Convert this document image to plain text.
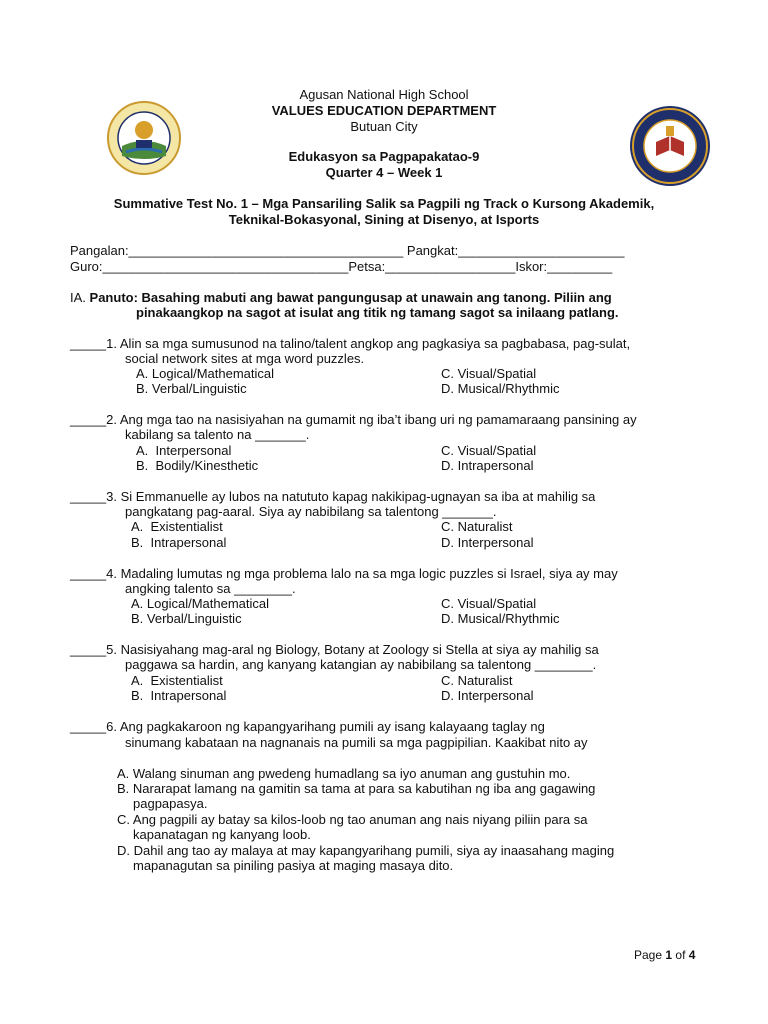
Agusan National High School
VALUES EDUCATION DEPARTMENT
Butuan City
Edukasyon sa Pagpapakatao-9
Quarter 4 – Week 1
Summative Test No. 1 – Mga Pansariling Salik sa Pagpili ng Track o Kursong Akademik,
Teknikal-Bokasyonal, Sining at Disenyo, at Isports
Pangalan:______________________________________ Pangkat:_______________________
Guro:__________________________________Petsa:__________________Iskor:_________
IA. Panuto: Basahing mabuti ang bawat pangungusap at unawain ang tanong. Piliin ang
pinakaangkop na sagot at isulat ang titik ng tamang sagot sa inilaang patlang.
_____1. Alin sa mga sumusunod na talino/talent angkop ang pagkasiya sa pagbabasa, pag-sulat,
social network sites at mga word puzzles.
A. Logical/Mathematical
B. Verbal/Linguistic
C. Visual/Spatial
D. Musical/Rhythmic
_____2. Ang mga tao na nasisiyahan na gumamit ng iba’t ibang uri ng pamamaraang pansining ay
kabilang sa talento na _______.
A.  Interpersonal
B.  Bodily/Kinesthetic
C. Visual/Spatial
D. Intrapersonal
_____3. Si Emmanuelle ay lubos na natututo kapag nakikipag-ugnayan sa iba at mahilig sa
pangkatang pag-aaral. Siya ay nabibilang sa talentong _______.
A.  Existentialist
B.  Intrapersonal
C. Naturalist
D. Interpersonal
_____4. Madaling lumutas ng mga problema lalo na sa mga logic puzzles si Israel, siya ay may
angking talento sa ________.
A. Logical/Mathematical
B. Verbal/Linguistic
C. Visual/Spatial
D. Musical/Rhythmic
_____5. Nasisiyahang mag-aral ng Biology, Botany at Zoology si Stella at siya ay mahilig sa
paggawa sa hardin, ang kanyang katangian ay nabibilang sa talentong ________.
A.  Existentialist
B.  Intrapersonal
C. Naturalist
D. Interpersonal
_____6. Ang pagkakaroon ng kapangyarihang pumili ay isang kalayaang taglay ng
sinumang kabataan na nagnanais na pumili sa mga pagpipilian. Kaakibat nito ay
A. Walang sinuman ang pwedeng humadlang sa iyo anuman ang gustuhin mo.
B. Nararapat lamang na gamitin sa tama at para sa kabutihan ng iba ang gagawing
pagpapasya.
C. Ang pagpili ay batay sa kilos-loob ng tao anuman ang nais niyang piliin para sa
kapanatagan ng kanyang loob.
D. Dahil ang tao ay malaya at may kapangyarihang pumili, siya ay inaasahang maging
mapanagutan sa piniling pasiya at maging masaya dito.
Page 1 of 4
